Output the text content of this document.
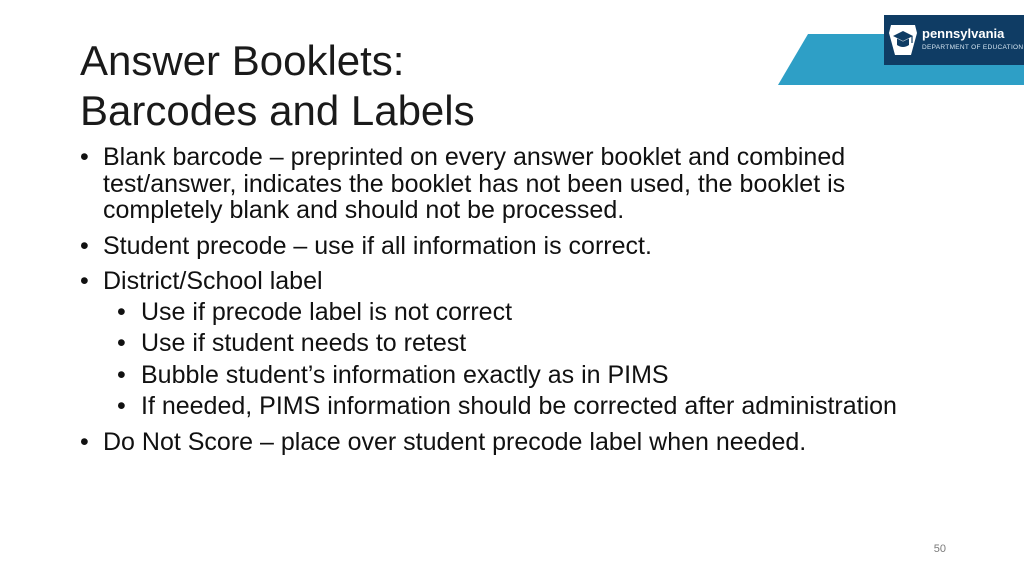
pennsylvania
DEPARTMENT OF EDUCATION
Answer Booklets:
Barcodes and Labels
• Blank barcode – preprinted on every answer booklet and combined test/answer, indicates the booklet has not been used, the booklet is completely blank and should not be processed.
• Student precode – use if all information is correct.
• District/School label
• Use if precode label is not correct
• Use if student needs to retest
• Bubble student’s information exactly as in PIMS
• If needed, PIMS information should be corrected after administration
• Do Not Score – place over student precode label when needed.
50
